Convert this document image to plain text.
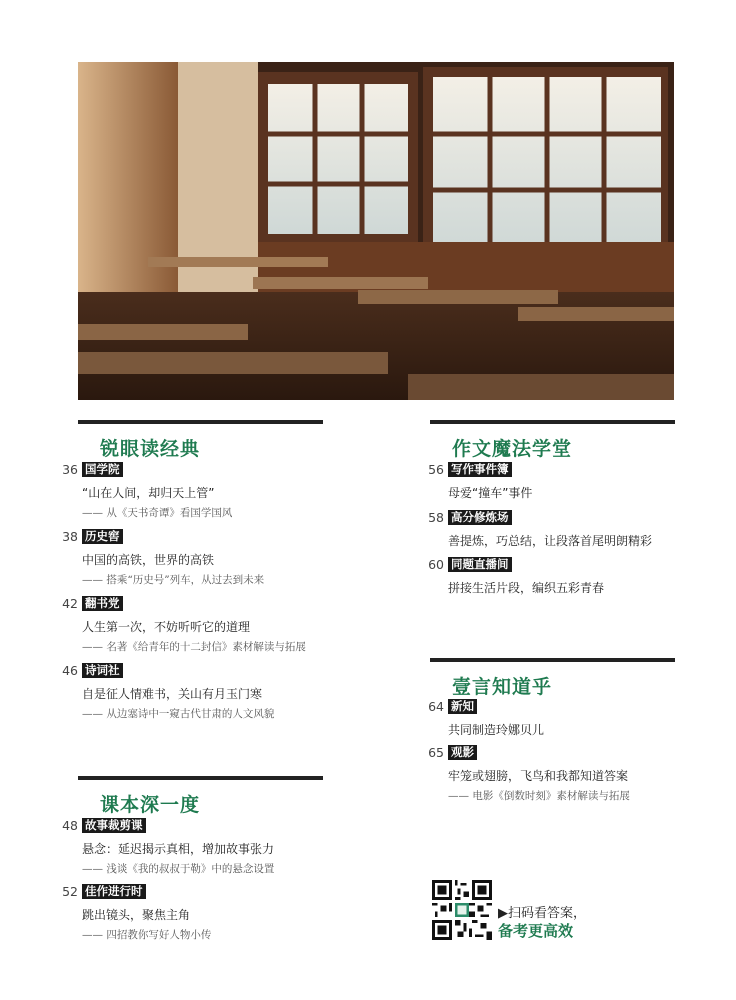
锐眼读经典
36 国学院
“山在人间，却归天上管”
—— 从《天书奇谭》看国学国风
38 历史窖
中国的高铁，世界的高铁
—— 搭乘“历史号”列车，从过去到未来
42 翻书党
人生第一次，不妨听听它的道理
—— 名著《给青年的十二封信》素材解读与拓展
46 诗词社
自是征人情难书，关山有月玉门寒
—— 从边塞诗中一窥古代甘肃的人文风貌
课本深一度
48 故事裁剪课
悬念：延迟揭示真相，增加故事张力
—— 浅谈《我的叔叔于勒》中的悬念设置
52 佳作进行时
跳出镜头，聚焦主角
—— 四招教你写好人物小传
作文魔法学堂
56 写作事件簿
母爱“撞车”事件
58 高分修炼场
善提炼，巧总结，让段落首尾明朗精彩
60 同题直播间
拼接生活片段，编织五彩青春
壹言知道乎
64 新知
共同制造玲娜贝儿
65 观影
牢笼或翅膀，飞鸟和我都知道答案
—— 电影《倒数时刻》素材解读与拓展
▶扫码看答案，
备考更高效
